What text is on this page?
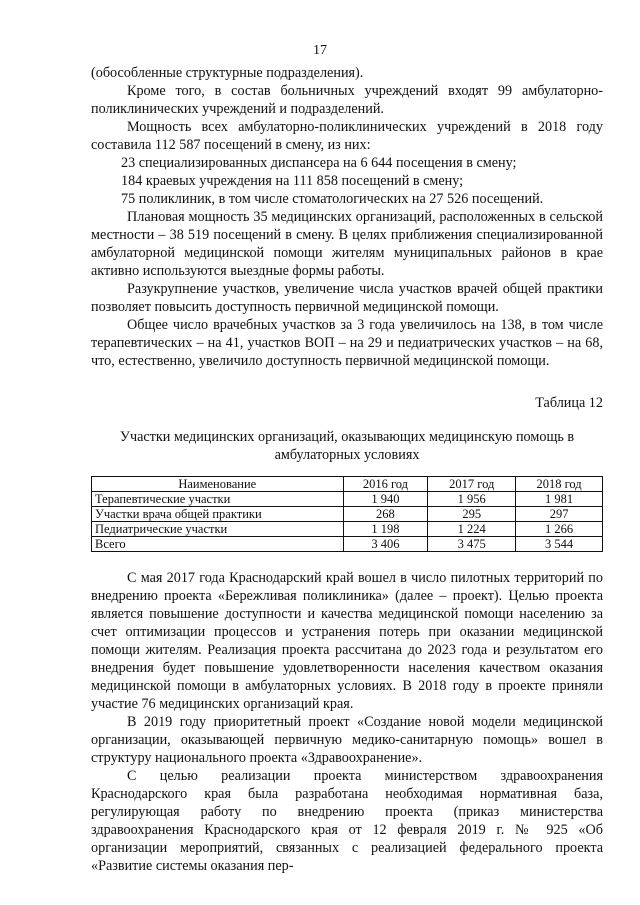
17

(обособленные структурные подразделения).

Кроме того, в состав больничных учреждений входят 99 амбулаторно-поликлинических учреждений и подразделений.

Мощность всех амбулаторно-поликлинических учреждений в 2018 году составила 112 587 посещений в смену, из них:

23 специализированных диспансера на 6 644 посещения в смену;

184 краевых учреждения на 111 858 посещений в смену;

75 поликлиник, в том числе стоматологических на 27 526 посещений.

Плановая мощность 35 медицинских организаций, расположенных в сельской местности – 38 519 посещений в смену. В целях приближения специализированной амбулаторной медицинской помощи жителям муниципальных районов в крае активно используются выездные формы работы.

Разукрупнение участков, увеличение числа участков врачей общей практики позволяет повысить доступность первичной медицинской помощи.

Общее число врачебных участков за 3 года увеличилось на 138, в том числе терапевтических – на 41, участков ВОП – на 29 и педиатрических участков – на 68, что, естественно, увеличило доступность первичной медицинской помощи.

Таблица 12

Участки медицинских организаций, оказывающих медицинскую помощь в амбулаторных условиях

Наименование	2016 год	2017 год	2018 год
Терапевтические участки	1 940	1 956	1 981
Участки врача общей практики	268	295	297
Педиатрические участки	1 198	1 224	1 266
Всего	3 406	3 475	3 544

С мая 2017 года Краснодарский край вошел в число пилотных территорий по внедрению проекта «Бережливая поликлиника» (далее – проект). Целью проекта является повышение доступности и качества медицинской помощи населению за счет оптимизации процессов и устранения потерь при оказании медицинской помощи жителям. Реализация проекта рассчитана до 2023 года и результатом его внедрения будет повышение удовлетворенности населения качеством оказания медицинской помощи в амбулаторных условиях. В 2018 году в проекте приняли участие 76 медицинских организаций края.

В 2019 году приоритетный проект «Создание новой модели медицинской организации, оказывающей первичную медико-санитарную помощь» вошел в структуру национального проекта «Здравоохранение».

С целью реализации проекта министерством здравоохранения Краснодарского края была разработана необходимая нормативная база, регулирующая работу по внедрению проекта (приказ министерства здравоохранения Краснодарского края от 12 февраля 2019 г. № 925 «Об организации мероприятий, связанных с реализацией федерального проекта «Развитие системы оказания пер-
